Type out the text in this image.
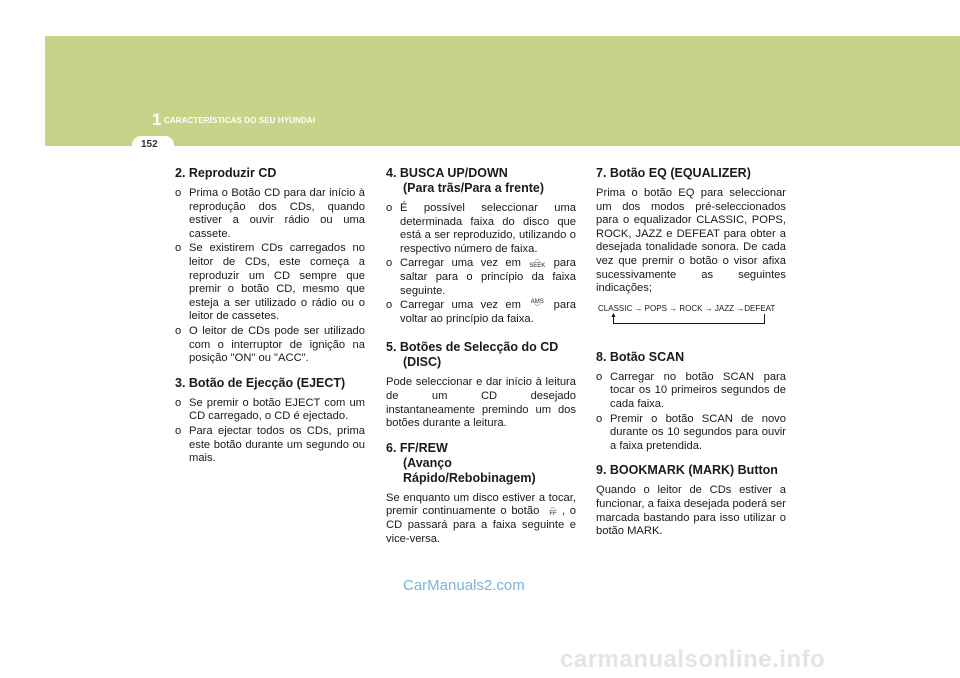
1 CARACTERÍSTICAS DO SEU HYUNDAI
152
2. Reproduzir CD
o Prima o Botão CD para dar início à reprodução dos CDs, quando estiver a ouvir rádio ou uma cassete.
o Se existirem CDs carregados no leitor de CDs, este começa a reproduzir um CD sempre que premir o botão CD, mesmo que esteja a ser utilizado o rádio ou o leitor de cassetes.
o O leitor de CDs pode ser utilizado com o interruptor de ignição na posição "ON" ou "ACC".
3. Botão de Ejecção (EJECT)
o Se premir o botão EJECT com um CD carregado, o CD é ejectado.
o Para ejectar todos os CDs, prima este botão durante um segundo ou mais.
4. BUSCA UP/DOWN
(Para trãs/Para a frente)
o É possível seleccionar uma determinada faixa do disco que está a ser reproduzido, utilizando o respectivo número de faixa.
o Carregar uma vez em ︿
SEEK para saltar para o princípio da faixa seguinte.
o Carregar uma vez em AMS
﹀ para voltar ao princípio da faixa.
5. Botões de Selecção do CD
(DISC)

Pode seleccionar e dar início à leitura de um CD desejado instantaneamente premindo um dos botões durante a leitura.

6. FF/REW
(Avanço Rápido/Rebobinagem)

Se enquanto um disco estiver a tocar, premir continuamente o botão ︿
FF , o CD passará para a faixa seguinte e vice-versa.

7. Botão EQ (EQUALIZER)

Prima o botão EQ para seleccionar um dos modos pré-seleccionados para o equalizador CLASSIC, POPS, ROCK, JAZZ e DEFEAT para obter a desejada tonalidade sonora. De cada vez que premir o botão o visor afixa sucessivamente as seguintes indicações;

CLASSIC → POPS → ROCK → JAZZ →DEFEAT
▲
8. Botão SCAN
o Carregar no botão SCAN para tocar os 10 primeiros segundos de cada faixa.
o Premir o botão SCAN de novo durante os 10 segundos para ouvir a faixa pretendida.
9. BOOKMARK (MARK) Button

Quando o leitor de CDs estiver a funcionar, a faixa desejada poderá ser marcada bastando para isso utilizar o botão MARK.

CarManuals2.com
carmanualsonline.info
